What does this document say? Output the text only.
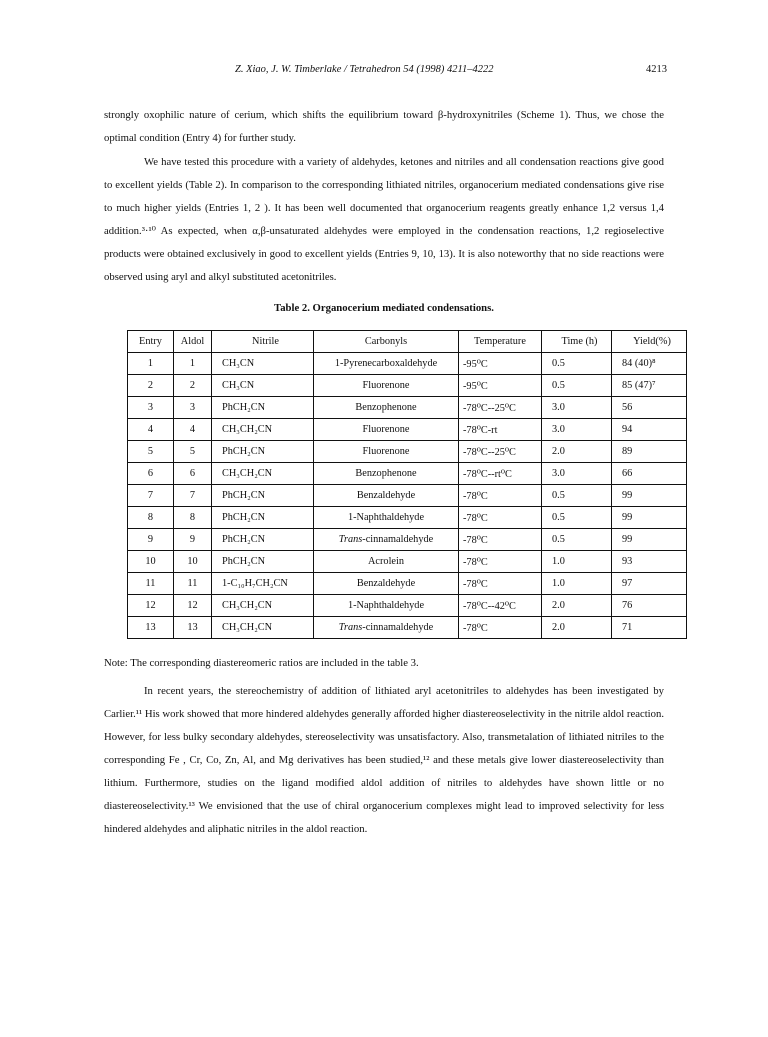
Z. Xiao, J. W. Timberlake / Tetrahedron 54 (1998) 4211–4222	4213

strongly oxophilic nature of cerium, which shifts the equilibrium toward β-hydroxynitriles (Scheme 1). Thus, we chose the optimal condition (Entry 4) for further study.

We have tested this procedure with a variety of aldehydes, ketones and nitriles and all condensation reactions give good to excellent yields (Table 2). In comparison to the corresponding lithiated nitriles, organocerium mediated condensations give rise to much higher yields (Entries 1, 2 ). It has been well documented that organocerium reagents greatly enhance 1,2 versus 1,4 addition.³·¹⁰ As expected, when α,β-unsaturated aldehydes were employed in the condensation reactions, 1,2 regioselective products were obtained exclusively in good to excellent yields (Entries 9, 10, 13). It is also noteworthy that no side reactions were observed using aryl and alkyl substituted acetonitriles.

Table 2. Organocerium mediated condensations.
Entry	Aldol	Nitrile	Carbonyls	Temperature	Time (h)	Yield(%)
1	1	CH₃CN	1-Pyrenecarboxaldehyde	-95⁰C	0.5	84 (40)⁸
2	2	CH₃CN	Fluorenone	-95⁰C	0.5	85 (47)⁷
3	3	PhCH₂CN	Benzophenone	-78⁰C--25⁰C	3.0	56
4	4	CH₃CH₂CN	Fluorenone	-78⁰C-rt	3.0	94
5	5	PhCH₂CN	Fluorenone	-78⁰C--25⁰C	2.0	89
6	6	CH₃CH₂CN	Benzophenone	-78⁰C--rt⁰C	3.0	66
7	7	PhCH₂CN	Benzaldehyde	-78⁰C	0.5	99
8	8	PhCH₂CN	1-Naphthaldehyde	-78⁰C	0.5	99
9	9	PhCH₂CN	Trans-cinnamaldehyde	-78⁰C	0.5	99
10	10	PhCH₂CN	Acrolein	-78⁰C	1.0	93
11	11	1-C₁₀H₇CH₂CN	Benzaldehyde	-78⁰C	1.0	97
12	12	CH₃CH₂CN	1-Naphthaldehyde	-78⁰C--42⁰C	2.0	76
13	13	CH₃CH₂CN	Trans-cinnamaldehyde	-78⁰C	2.0	71
Note: The corresponding diastereomeric ratios are included in the table 3.

In recent years, the stereochemistry of addition of lithiated aryl acetonitriles to aldehydes has been investigated by Carlier.¹¹ His work showed that more hindered aldehydes generally afforded higher diastereoselectivity in the nitrile aldol reaction. However, for less bulky secondary aldehydes, stereoselectivity was unsatisfactory. Also, transmetalation of lithiated nitriles to the corresponding Fe , Cr, Co, Zn, Al, and Mg derivatives has been studied,¹² and these metals give lower diastereoselectivity than lithium. Furthermore, studies on the ligand modified aldol addition of nitriles to aldehydes have shown little or no diastereoselectivity.¹³ We envisioned that the use of chiral organocerium complexes might lead to improved selectivity for less hindered aldehydes and aliphatic nitriles in the aldol reaction.
